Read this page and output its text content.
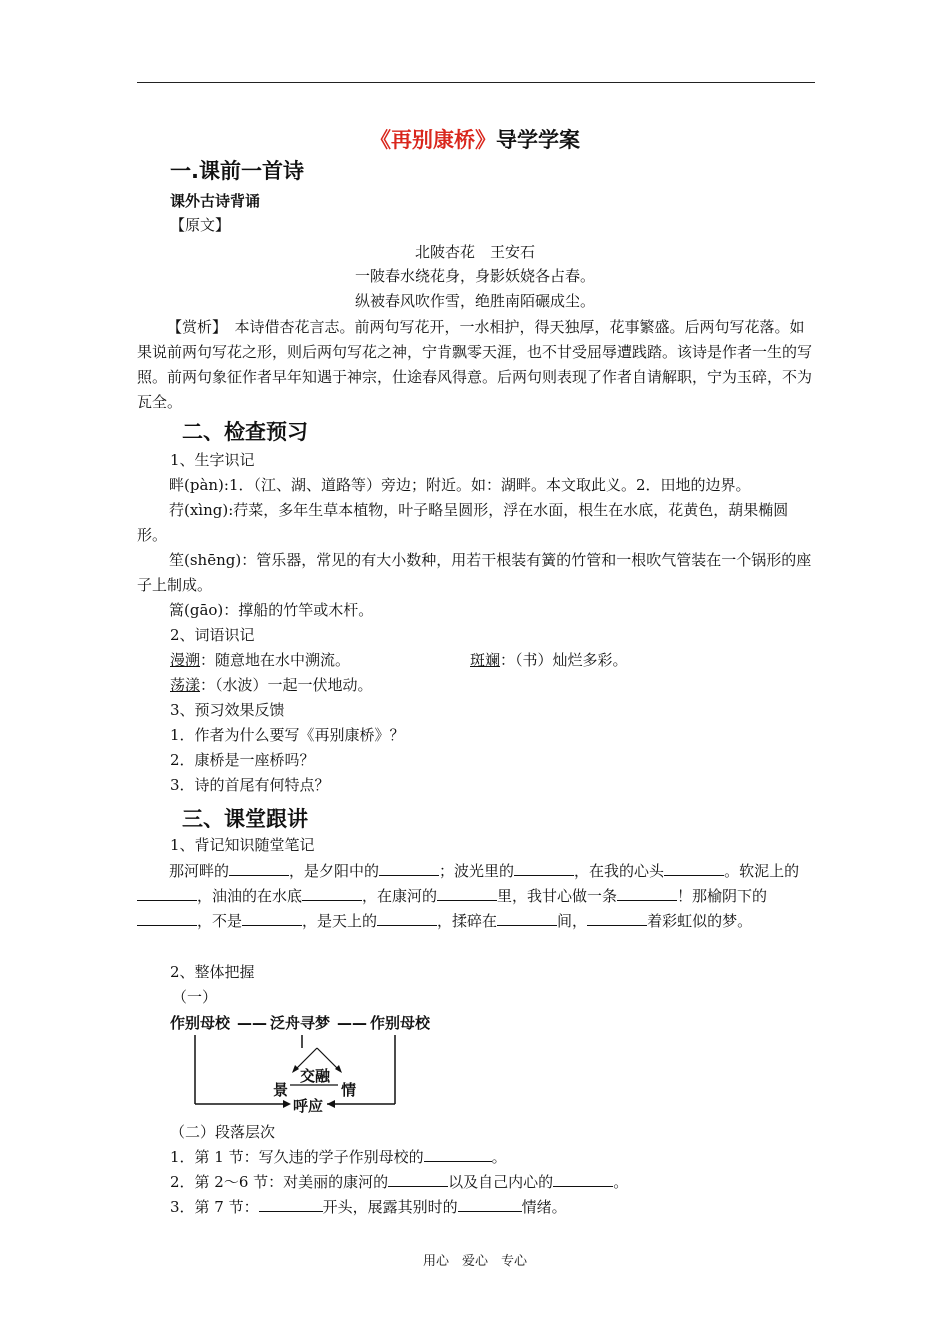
《再别康桥》导学学案
一.课前一首诗
课外古诗背诵
【原文】
北陂杏花　王安石
一陂春水绕花身，身影妖娆各占春。
纵被春风吹作雪，绝胜南陌碾成尘。
【赏析】　 本诗借杏花言志。前两句写花开，一水相护，得天独厚，花事繁盛。后两句写花落。如果说前两句写花之形，则后两句写花之神，宁肯飘零天涯，也不甘受屈辱遭践踏。该诗是作者一生的写照。前两句象征作者早年知遇于神宗，仕途春风得意。后两句则表现了作者自请解职，宁为玉碎，不为瓦全。
二、检查预习
1、生字识记
畔(pàn):1．（江、湖、道路等）旁边；附近。如：湖畔。本文取此义。2．田地的边界。
荇(xìng):荇菜，多年生草本植物，叶子略呈圆形，浮在水面，根生在水底，花黄色，葫果椭圆形。
笙(shēng)：管乐器，常见的有大小数种，用若干根装有簧的竹管和一根吹气管装在一个锅形的座子上制成。
篙(gāo)：撑船的竹竿或木杆。
2、词语识记
漫溯：随意地在水中溯流。	斑斓：（书）灿烂多彩。
荡漾：（水波）一起一伏地动。
3、预习效果反馈
1．作者为什么要写《再别康桥》？
2．康桥是一座桥吗？
3．诗的首尾有何特点？
三、课堂跟讲
1、背记知识随堂笔记
那河畔的	，是夕阳中的	；波光里的	，在我的心头	。软泥上的，油油的在水底	，在康河的	里，我甘心做一条	！那榆阴下的，不是	，是天上的	，揉碎在	间，	着彩虹似的梦。
2、整体把握
（一）
作别母校 —— 泛舟寻梦 —— 作别母校
交融
景	情
呼应
（二）段落层次
1．第 1 节：写久违的学子作别母校的	。
2．第 2～6 节：对美丽的康河的	以及自己内心的	。
3．第 7 节：	开头，展露其别时的	情绪。
用心　爱心　专心
